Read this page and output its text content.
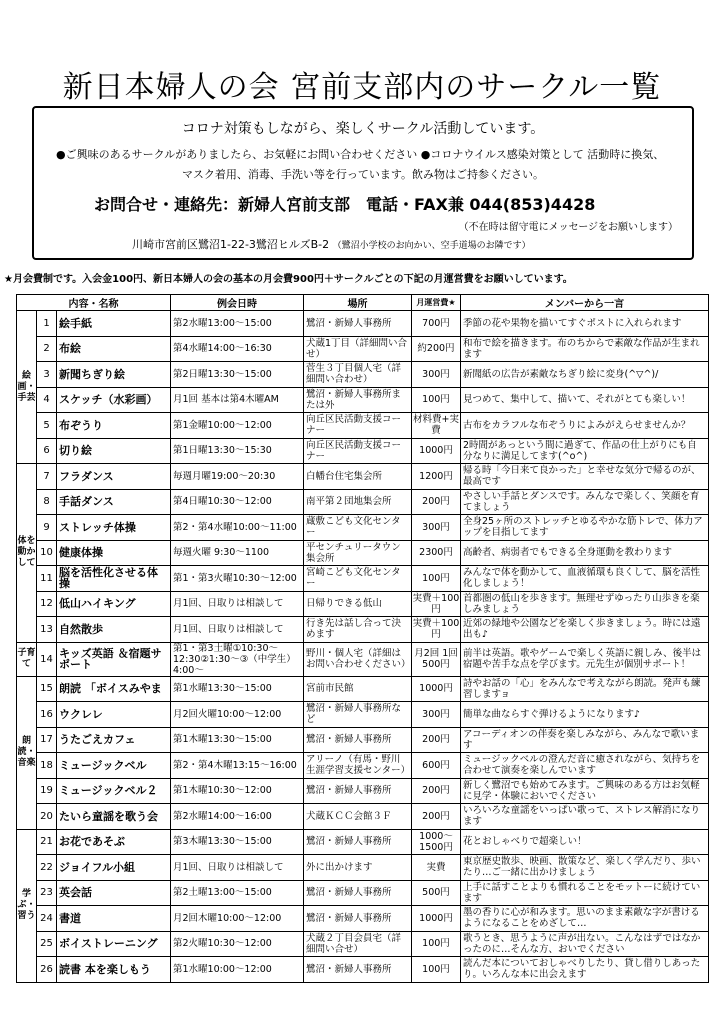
新日本婦人の会 宮前支部内のサークル一覧
コロナ対策もしながら、楽しくサークル活動しています。
●ご興味のあるサークルがありましたら、お気軽にお問い合わせください ●コロナウイルス感染対策として 活動時に換気、
マスク着用、消毒、手洗い等を行っています。飲み物はご持参ください。
お問合せ・連絡先：新婦人宮前支部　電話・FAX兼 044(853)4428
（不在時は留守電にメッセージをお願いします）
川崎市宮前区鷺沼1-22-3鷺沼ヒルズB-2 （鷺沼小学校のお向かい、空手道場のお隣です）
★月会費制です。入会金100円、新日本婦人の会の基本の月会費900円＋サークルごとの下記の月運営費をお願いしています。
内容・名称			例会日時	場所	月運営費★	メンバーから一言
絵画・手芸	1	絵手紙	第2水曜13:00～15:00	鷺沼・新婦人事務所	700円	季節の花や果物を描いてすぐポストに入れられます
	2	布絵	第4水曜14:00～16:30	犬蔵1丁目（詳細問い合せ）	約200円	和布で絵を描きます。布のちからで素敵な作品が生まれます
	3	新聞ちぎり絵	第2日曜13:30～15:00	菅生３丁目個人宅（詳細問い合わせ）	300円	新聞紙の広告が素敵なちぎり絵に変身(^▽^)/
	4	スケッチ（水彩画）	月1回 基本は第4木曜AM	鷺沼・新婦人事務所または外	100円	見つめて、集中して、描いて、それがとても楽しい！
	5	布ぞうり	第1金曜10:00～12:00	向丘区民活動支援コーナー	材料費+実費	古布をカラフルな布ぞうりによみがえらせませんか？
	6	切り絵	第1日曜13:30～15:30	向丘区民活動支援コーナー	1000円	2時間があっという間に過ぎて、作品の仕上がりにも自分なりに満足してます(^o^)
体を動かして	7	フラダンス	毎週月曜19:00～20:30	白幡台住宅集会所	1200円	帰る時「今日来て良かった」と幸せな気分で帰るのが、最高です
	8	手話ダンス	第4日曜10:30～12:00	南平第２団地集会所	200円	やさしい手話とダンスです。みんなで楽しく、笑顔を育てましょう
	9	ストレッチ体操	第2・第4水曜10:00～11:00	蔵敷こども文化センター	300円	全身25ヶ所のストレッチとゆるやかな筋トレで、体力アップを目指してます
	10	健康体操	毎週火曜 9:30～1100	平センチュリータウン集会所	2300円	高齢者、病弱者でもできる全身運動を教わります
	11	脳を活性化させる体操	第1・第3火曜10:30～12:00	宮崎こども文化センター	100円	みんなで体を動かして、血液循環も良くして、脳を活性化しましょう！
	12	低山ハイキング	月1回、日取りは相談して	日帰りできる低山	実費＋100円	首都圏の低山を歩きます。無理せずゆったり山歩きを楽しみましょう
	13	自然散歩	月1回、日取りは相談して	行き先は話し合って決めます	実費＋100円	近郊の緑地や公園などを楽しく歩きましょう。時には遠出も♪
子育て	14	キッズ英語 ＆宿題サポート	第1・第3土曜①10:30～12:30②1:30～③（中学生）4:00～	野川・個人宅（詳細はお問い合わせください）	月2回 1回500円	前半は英語。歌やゲームで楽しく英語に親しみ、後半は宿題や苦手な点を学びます。元先生が個別サポート！
朗読・音楽	15	朗読 「ボイスみやま	第1水曜13:30～15:00	宮前市民館	1000円	詩やお話の「心」をみんなで考えながら朗読。発声も練習しますョ
	16	ウクレレ	月2回火曜10:00～12:00	鷺沼・新婦人事務所など	300円	簡単な曲ならすぐ弾けるようになります♪
	17	うたごえカフェ	第1木曜13:30～15:00	鷺沼・新婦人事務所	200円	アコーディオンの伴奏を楽しみながら、みんなで歌います
	18	ミュージックベル	第2・第4木曜13:15～16:00	アリーノ（有馬・野川生涯学習支援センター）	600円	ミュージックベルの澄んだ音に癒されながら、気持ちを合わせて演奏を楽しんでいます
	19	ミュージックベル２	第1木曜10:30～12:00	鷺沼・新婦人事務所	200円	新しく鷺沼でも始めてみます。ご興味のある方はお気軽に見学・体験においでください
	20	たいら童謡を歌う会	第2水曜14:00～16:00	犬蔵ＫＣＣ会館３Ｆ	200円	いろいろな童謡をいっぱい歌って、ストレス解消になります
学ぶ・習う	21	お花であそぶ	第3木曜13:30～15:00	鷺沼・新婦人事務所	1000～1500円	花とおしゃべりで超楽しい！
	22	ジョイフル小組	月1回、日取りは相談して	外に出かけます	実費	東京歴史散歩、映画、散策など、楽しく学んだり、歩いたり…ご一緒に出かけましょう
	23	英会話	第2土曜13:00～15:00	鷺沼・新婦人事務所	500円	上手に話すことよりも慣れることをモットーに続けています
	24	書道	月2回木曜10:00～12:00	鷺沼・新婦人事務所	1000円	墨の香りに心が和みます。思いのまま素敵な字が書けるようになることをめざして…
	25	ボイストレーニング	第2火曜10:30～12:00	犬蔵２丁目会員宅（詳細問い合せ）	100円	歌うとき、思うように声が出ない。こんなはずではなかったのに…そんな方、おいでください
	26	読書 本を楽しもう	第1水曜10:00～12:00	鷺沼・新婦人事務所	100円	読んだ本についておしゃべりしたり、貸し借りしあったり。いろんな本に出会えます
